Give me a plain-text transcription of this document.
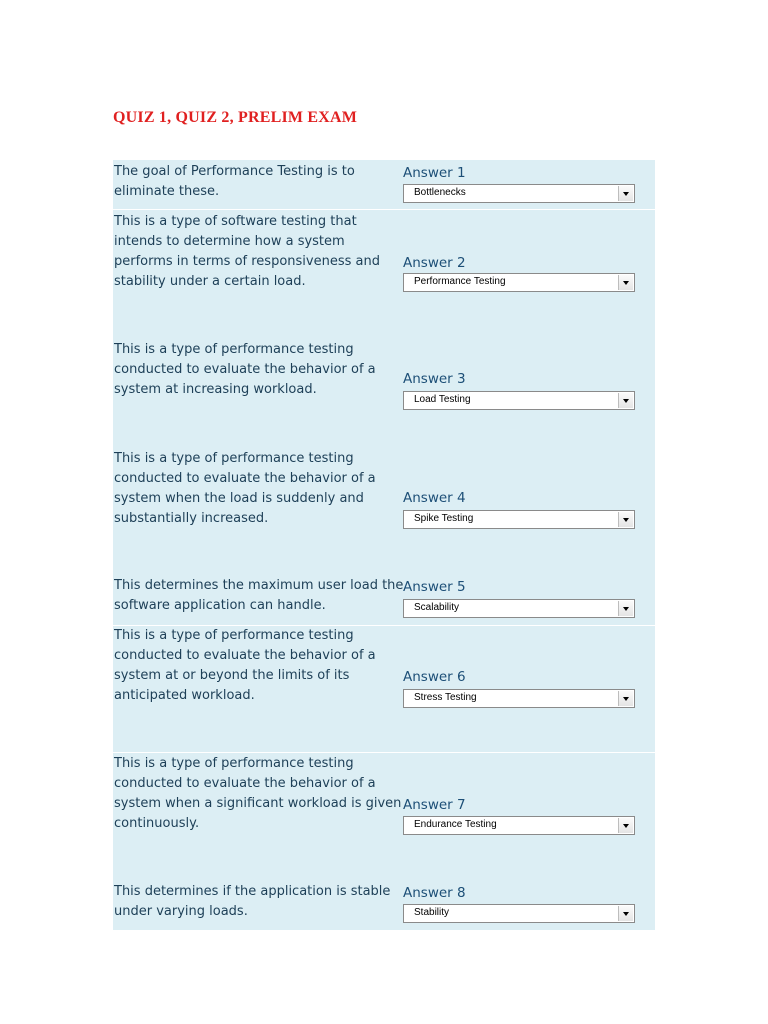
QUIZ 1, QUIZ 2, PRELIM EXAM
The goal of Performance Testing is to eliminate these.
Answer 1
Bottlenecks
This is a type of software testing that intends to determine how a system performs in terms of responsiveness and stability under a certain load.
Answer 2
Performance Testing
This is a type of performance testing conducted to evaluate the behavior of a system at increasing workload.
Answer 3
Load Testing
This is a type of performance testing conducted to evaluate the behavior of a system when the load is suddenly and substantially increased.
Answer 4
Spike Testing
This determines the maximum user load the software application can handle.
Answer 5
Scalability
This is a type of performance testing conducted to evaluate the behavior of a system at or beyond the limits of its anticipated workload.
Answer 6
Stress Testing
This is a type of performance testing conducted to evaluate the behavior of a system when a significant workload is given continuously.
Answer 7
Endurance Testing
This determines if the application is stable under varying loads.
Answer 8
Stability
